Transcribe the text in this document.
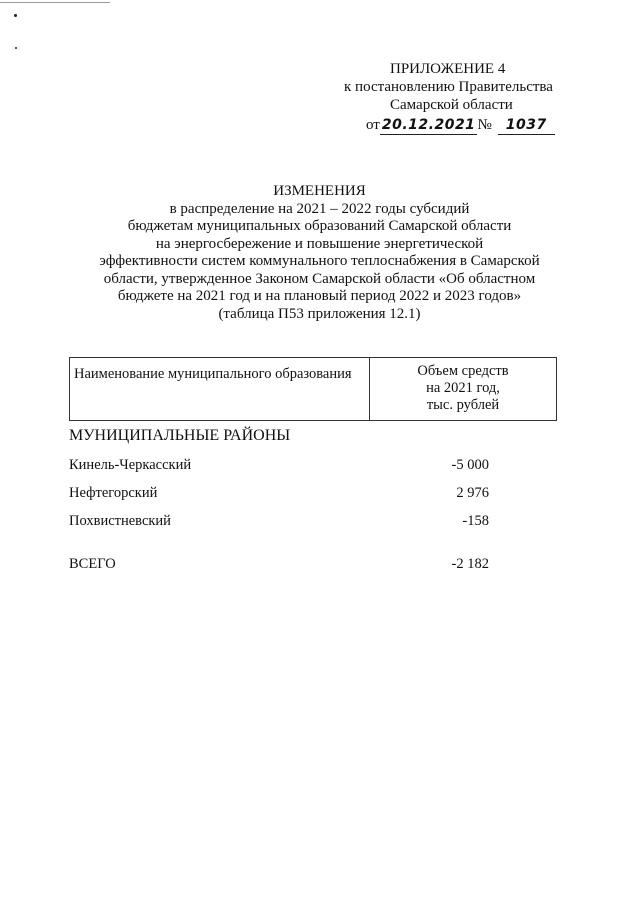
ПРИЛОЖЕНИЕ 4
к постановлению Правительства
Самарской области
от 20.12.2021 № 1037
ИЗМЕНЕНИЯ
в распределение на 2021 – 2022 годы субсидий
бюджетам муниципальных образований Самарской области
на энергосбережение и повышение энергетической
эффективности систем коммунального теплоснабжения в Самарской
области, утвержденное Законом Самарской области «Об областном
бюджете на 2021 год и на плановый период 2022 и 2023 годов»
(таблица П53 приложения 12.1)
Наименование муниципального образования	Объем средств
на 2021 год,
тыс. рублей
МУНИЦИПАЛЬНЫЕ РАЙОНЫ
Кинель-Черкасский	-5 000
Нефтегорский	2 976
Похвистневский	-158
ВСЕГО	-2 182
